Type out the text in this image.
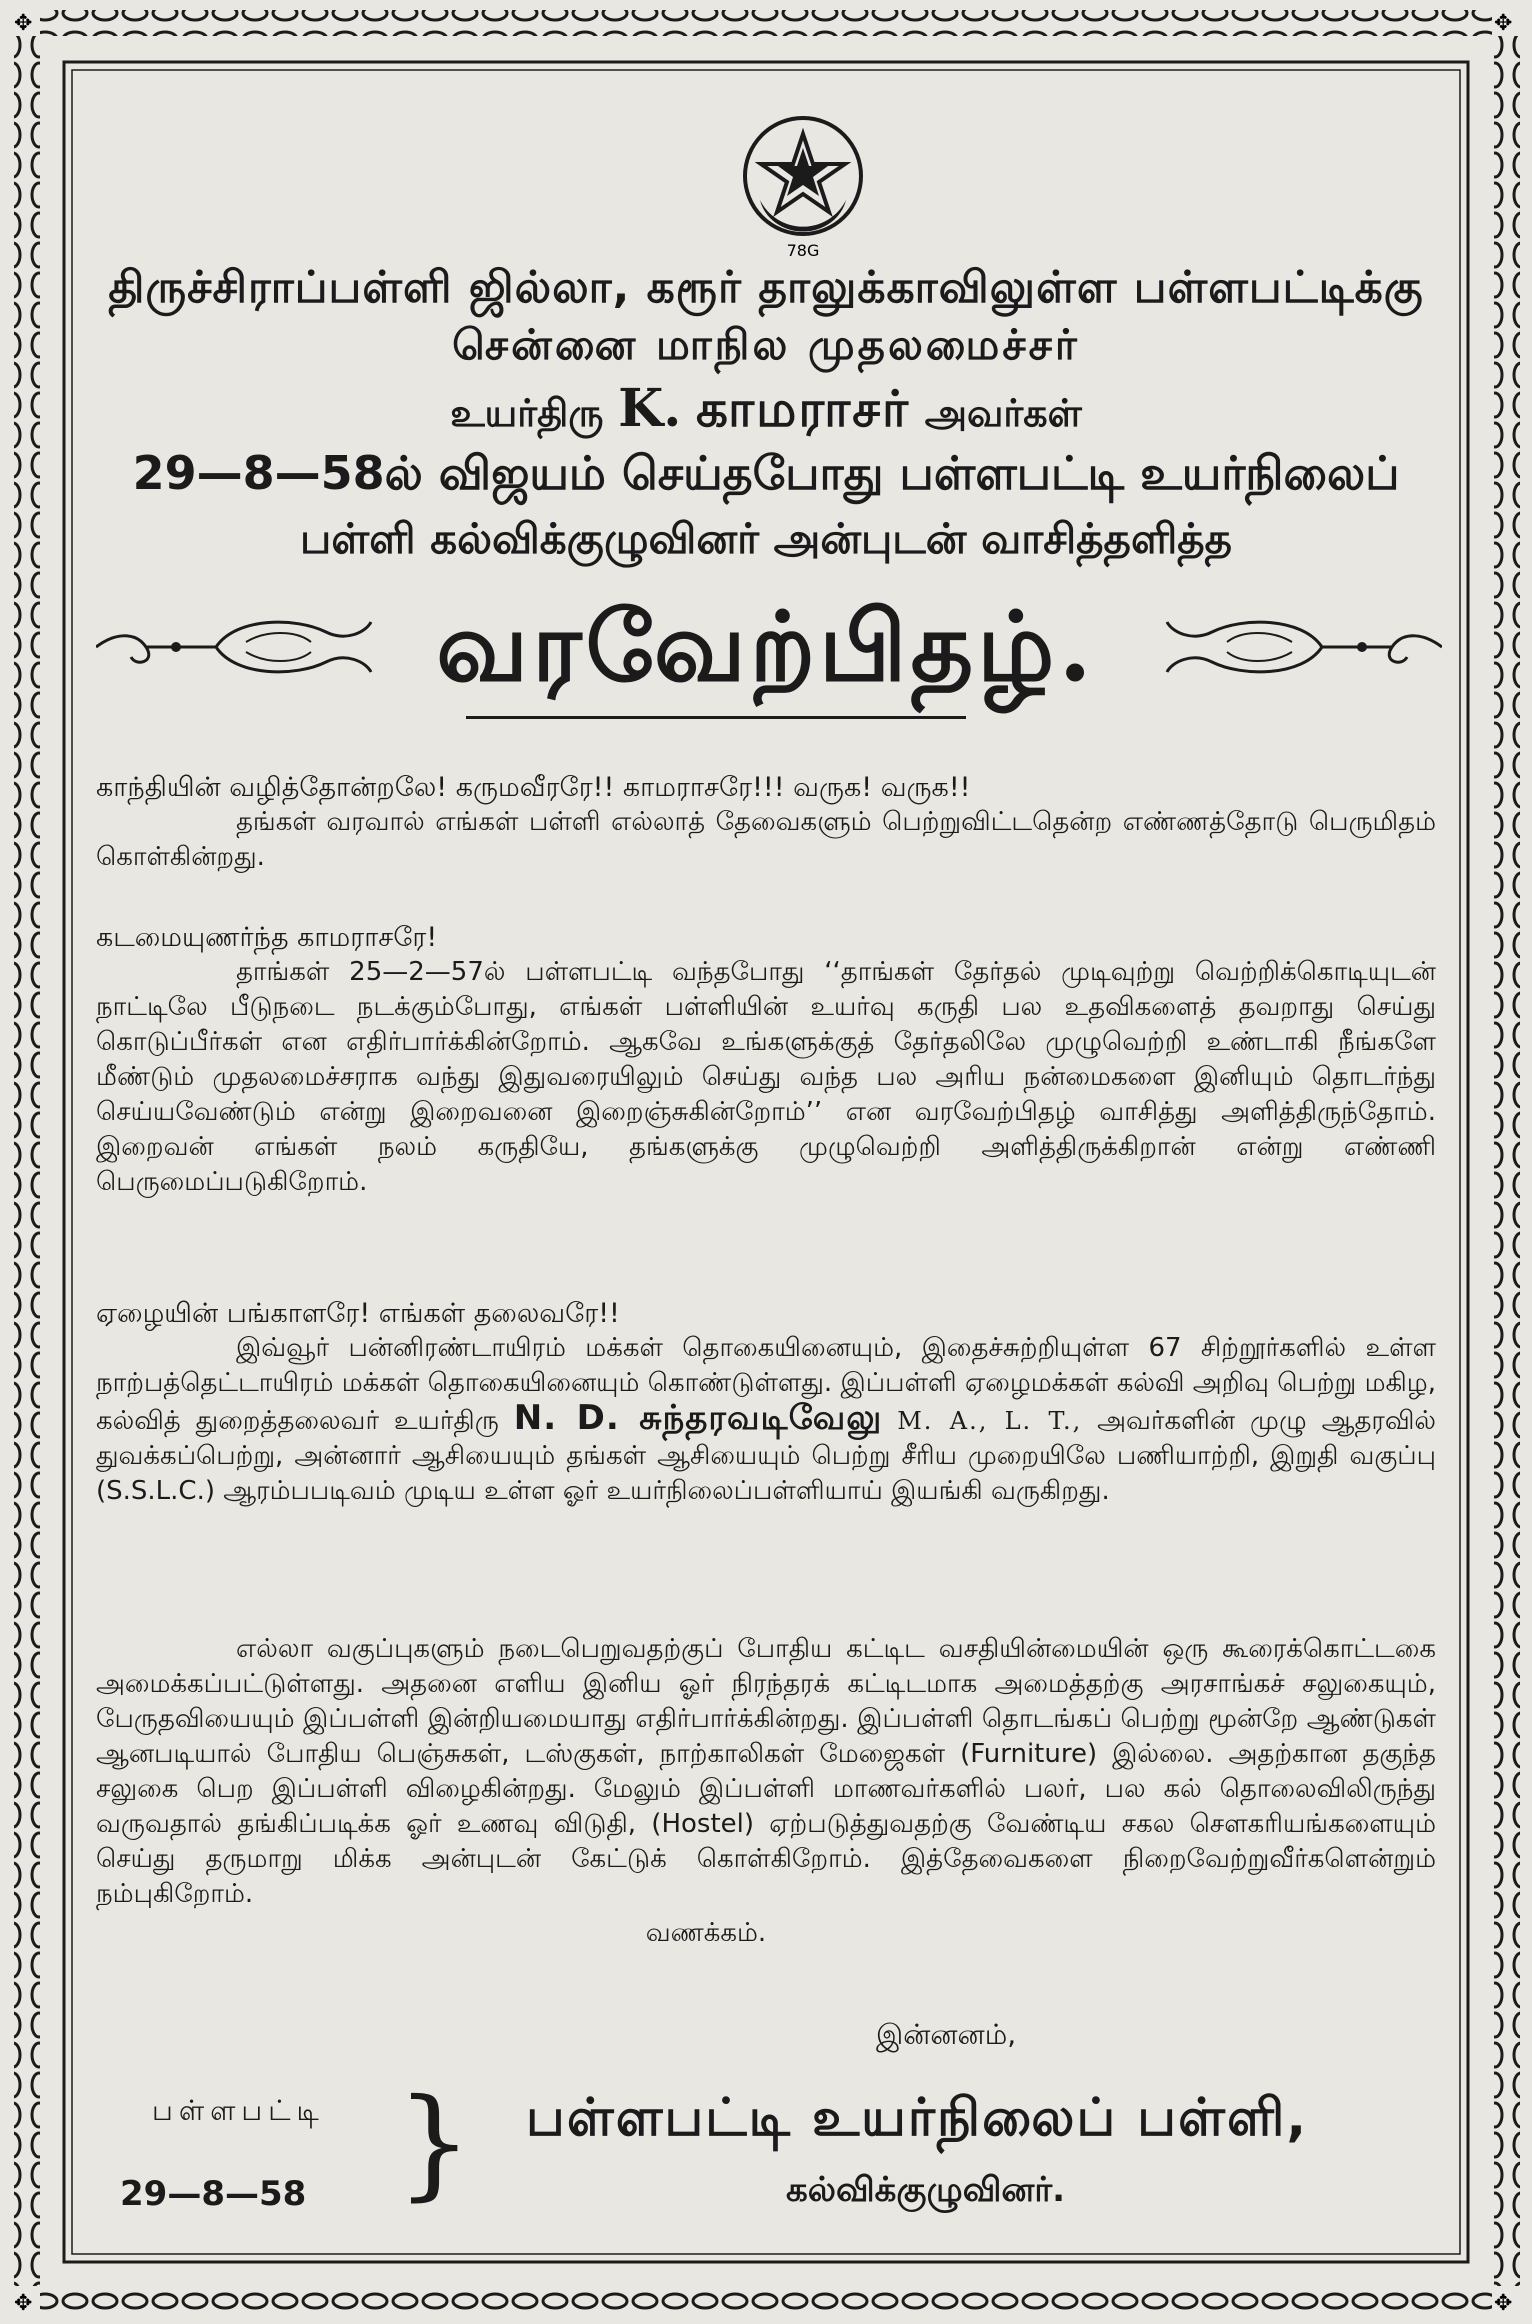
✥	✥
✥	✥
78G
திருச்சிராப்பள்ளி ஜில்லா, கரூர் தாலுக்காவிலுள்ள பள்ளபட்டிக்கு
சென்னை மாநில முதலமைச்சர்
உயர்திரு K. காமராசர் அவர்கள்
29—8—58ல் விஜயம் செய்தபோது பள்ளபட்டி உயர்நிலைப்
பள்ளி கல்விக்குழுவினர் அன்புடன் வாசித்தளித்த
வரவேற்பிதழ்.
காந்தியின் வழித்தோன்றலே! கருமவீரரே!! காமராசரே!!! வருக! வருக!!
தங்கள் வரவால் எங்கள் பள்ளி எல்லாத் தேவைகளும் பெற்றுவிட்டதென்ற எண்ணத்தோடு பெருமிதம் கொள்கின்றது.
கடமையுணர்ந்த காமராசரே!
தாங்கள் 25—2—57ல் பள்ளபட்டி வந்தபோது ‘‘தாங்கள் தேர்தல் முடிவுற்று வெற்றிக்கொடியுடன் நாட்டிலே பீடுநடை நடக்கும்போது, எங்கள் பள்ளியின் உயர்வு கருதி பல உதவிகளைத் தவறாது செய்து கொடுப்பீர்கள் என எதிர்பார்க்கின்றோம். ஆகவே உங்களுக்குத் தேர்தலிலே முழுவெற்றி உண்டாகி நீங்களே மீண்டும் முதலமைச்சராக வந்து இதுவரையிலும் செய்து வந்த பல அரிய நன்மைகளை இனியும் தொடர்ந்து செய்யவேண்டும் என்று இறைவனை இறைஞ்சுகின்றோம்’’ என வரவேற்பிதழ் வாசித்து அளித்திருந்தோம். இறைவன் எங்கள் நலம் கருதியே, தங்களுக்கு முழுவெற்றி அளித்திருக்கிறான் என்று எண்ணி பெருமைப்படுகிறோம்.
ஏழையின் பங்காளரே! எங்கள் தலைவரே!!
இவ்வூர் பன்னிரண்டாயிரம் மக்கள் தொகையினையும், இதைச்சுற்றியுள்ள 67 சிற்றூர்களில் உள்ள நாற்பத்தெட்டாயிரம் மக்கள் தொகையினையும் கொண்டுள்ளது. இப்பள்ளி ஏழைமக்கள் கல்வி அறிவு பெற்று மகிழ, கல்வித் துறைத்தலைவர் உயர்திரு N. D. சுந்தரவடிவேலு M. A., L. T., அவர்களின் முழு ஆதரவில் துவக்கப்பெற்று, அன்னார் ஆசியையும் தங்கள் ஆசியையும் பெற்று சீரிய முறையிலே பணியாற்றி, இறுதி வகுப்பு (S.S.L.C.) ஆரம்பபடிவம் முடிய உள்ள ஓர் உயர்நிலைப்பள்ளியாய் இயங்கி வருகிறது.
எல்லா வகுப்புகளும் நடைபெறுவதற்குப் போதிய கட்டிட வசதியின்மையின் ஒரு கூரைக்கொட்டகை அமைக்கப்பட்டுள்ளது. அதனை எளிய இனிய ஓர் நிரந்தரக் கட்டிடமாக அமைத்தற்கு அரசாங்கச் சலுகையும், பேருதவியையும் இப்பள்ளி இன்றியமையாது எதிர்பார்க்கின்றது. இப்பள்ளி தொடங்கப் பெற்று மூன்றே ஆண்டுகள் ஆனபடியால் போதிய பெஞ்சுகள், டஸ்குகள், நாற்காலிகள் மேஜைகள் (Furniture) இல்லை. அதற்கான தகுந்த சலுகை பெற இப்பள்ளி விழைகின்றது. மேலும் இப்பள்ளி மாணவர்களில் பலர், பல கல் தொலைவிலிருந்து வருவதால் தங்கிப்படிக்க ஓர் உணவு விடுதி, (Hostel) ஏற்படுத்துவதற்கு வேண்டிய சகல சௌகரியங்களையும் செய்து தருமாறு மிக்க அன்புடன் கேட்டுக் கொள்கிறோம். இத்தேவைகளை நிறைவேற்றுவீர்களென்றும் நம்புகிறோம்.
வணக்கம்.
இன்னனம்,
பள்ளபட்டி
29—8—58 } பள்ளபட்டி உயர்நிலைப் பள்ளி,
கல்விக்குழுவினர்.
